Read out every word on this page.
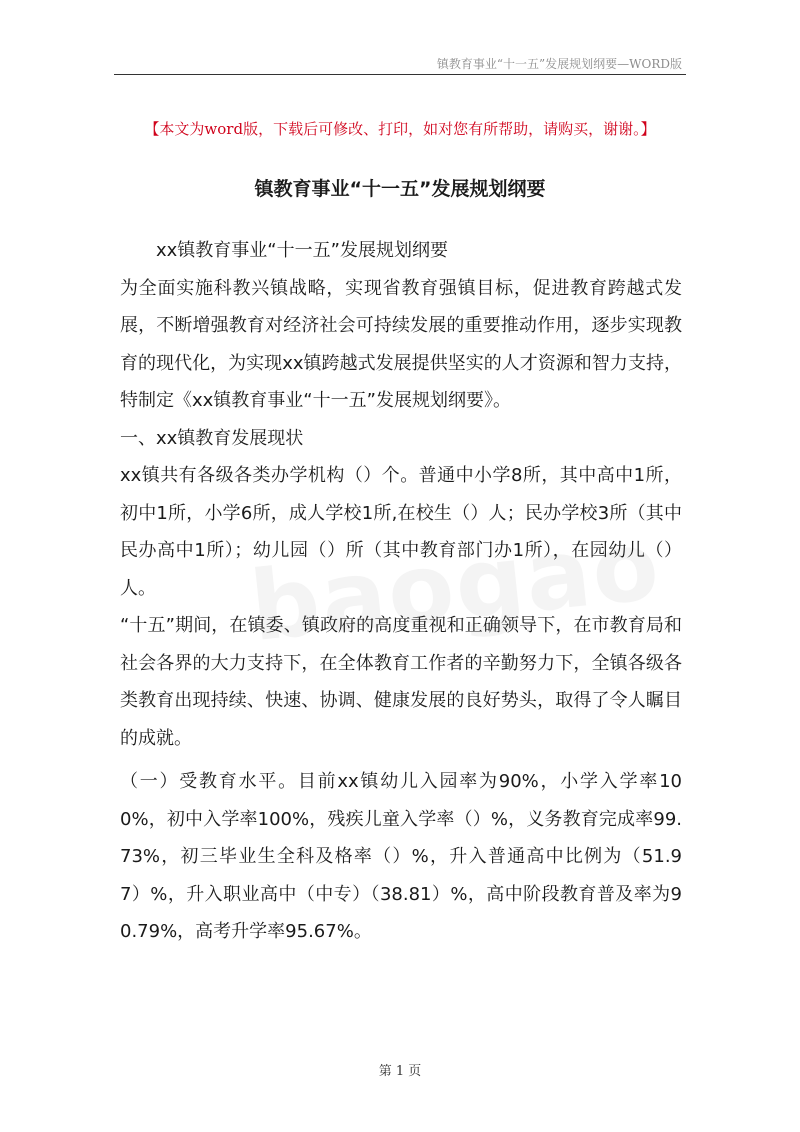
镇教育事业“十一五”发展规划纲要—WORD版
【本文为word版，下载后可修改、打印，如对您有所帮助，请购买，谢谢。】
镇教育事业“十一五”发展规划纲要

xx镇教育事业“十一五”发展规划纲要

为全面实施科教兴镇战略，实现省教育强镇目标，促进教育跨越式发展，不断增强教育对经济社会可持续发展的重要推动作用，逐步实现教育的现代化，为实现xx镇跨越式发展提供坚实的人才资源和智力支持，特制定《xx镇教育事业“十一五”发展规划纲要》。

一、xx镇教育发展现状

xx镇共有各级各类办学机构（）个。普通中小学8所，其中高中1所，初中1所，小学6所，成人学校1所,在校生（）人；民办学校3所（其中民办高中1所）；幼儿园（）所（其中教育部门办1所），在园幼儿（）人。

“十五”期间，在镇委、镇政府的高度重视和正确领导下，在市教育局和社会各界的大力支持下，在全体教育工作者的辛勤努力下，全镇各级各类教育出现持续、快速、协调、健康发展的良好势头，取得了令人瞩目的成就。

（一）受教育水平。目前xx镇幼儿入园率为90%，小学入学率100%，初中入学率100%，残疾儿童入学率（）%，义务教育完成率99.73%，初三毕业生全科及格率（）%，升入普通高中比例为（51.97）%，升入职业高中（中专）（38.81）%，高中阶段教育普及率为90.79%，高考升学率95.67%。

第 1 页
